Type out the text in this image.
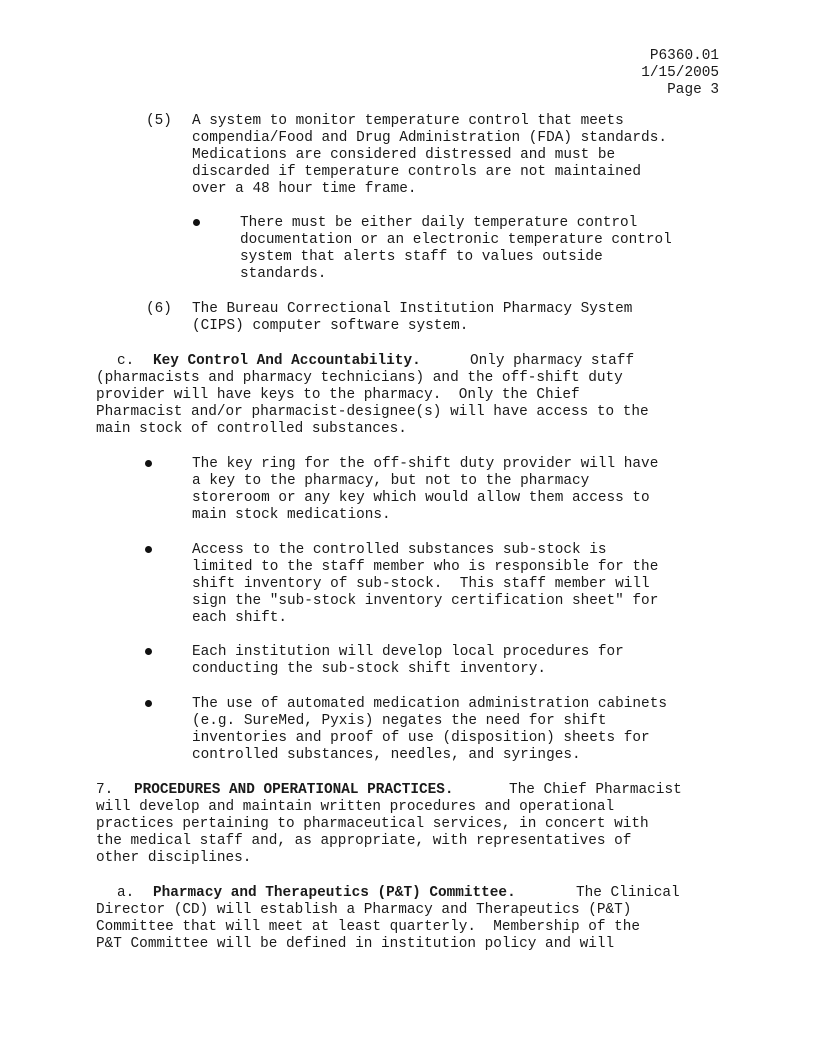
P6360.01
1/15/2005
Page 3
(5) A system to monitor temperature control that meets
compendia/Food and Drug Administration (FDA) standards.
Medications are considered distressed and must be
discarded if temperature controls are not maintained
over a 48 hour time frame.
There must be either daily temperature control
documentation or an electronic temperature control
system that alerts staff to values outside
standards.
(6) The Bureau Correctional Institution Pharmacy System
(CIPS) computer software system.
c. Key Control And Accountability.	Only pharmacy staff
(pharmacists and pharmacy technicians) and the off-shift duty
provider will have keys to the pharmacy.  Only the Chief
Pharmacist and/or pharmacist-designee(s) will have access to the
main stock of controlled substances.
The key ring for the off-shift duty provider will have
a key to the pharmacy, but not to the pharmacy
storeroom or any key which would allow them access to
main stock medications.
Access to the controlled substances sub-stock is
limited to the staff member who is responsible for the
shift inventory of sub-stock.  This staff member will
sign the "sub-stock inventory certification sheet" for
each shift.
Each institution will develop local procedures for
conducting the sub-stock shift inventory.
The use of automated medication administration cabinets
(e.g. SureMed, Pyxis) negates the need for shift
inventories and proof of use (disposition) sheets for
controlled substances, needles, and syringes.
7. PROCEDURES AND OPERATIONAL PRACTICES.	The Chief Pharmacist
will develop and maintain written procedures and operational
practices pertaining to pharmaceutical services, in concert with
the medical staff and, as appropriate, with representatives of
other disciplines.
a. Pharmacy and Therapeutics (P&T) Committee.	The Clinical
Director (CD) will establish a Pharmacy and Therapeutics (P&T)
Committee that will meet at least quarterly.  Membership of the
P&T Committee will be defined in institution policy and will
